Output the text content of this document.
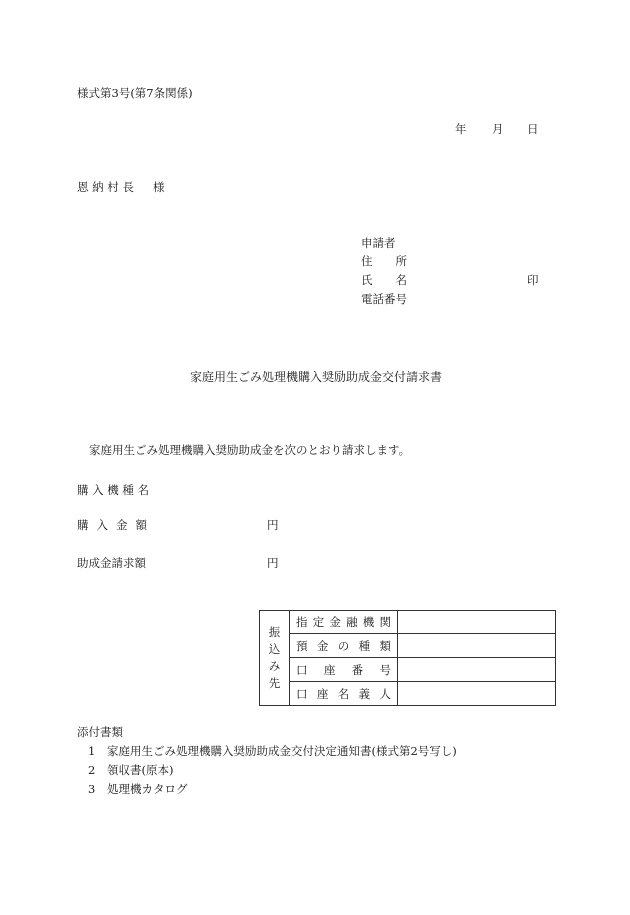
様式第3号(第7条関係)
年 月 日
恩 納 村 長 様
申請者
住　　所
氏　　名	印
電話番号
家庭用生ごみ処理機購入奨励助成金交付請求書
家庭用生ごみ処理機購入奨励助成金を次のとおり請求します。
購入機種名
購入金額	円
助成金請求額	円
振
込
み
先	指定金融機関	

	預金の種類	

	口座番号	

	口座名義人	

添付書類
1 家庭用生ごみ処理機購入奨励助成金交付決定通知書(様式第2号写し)
2 領収書(原本)
3 処理機カタログ
